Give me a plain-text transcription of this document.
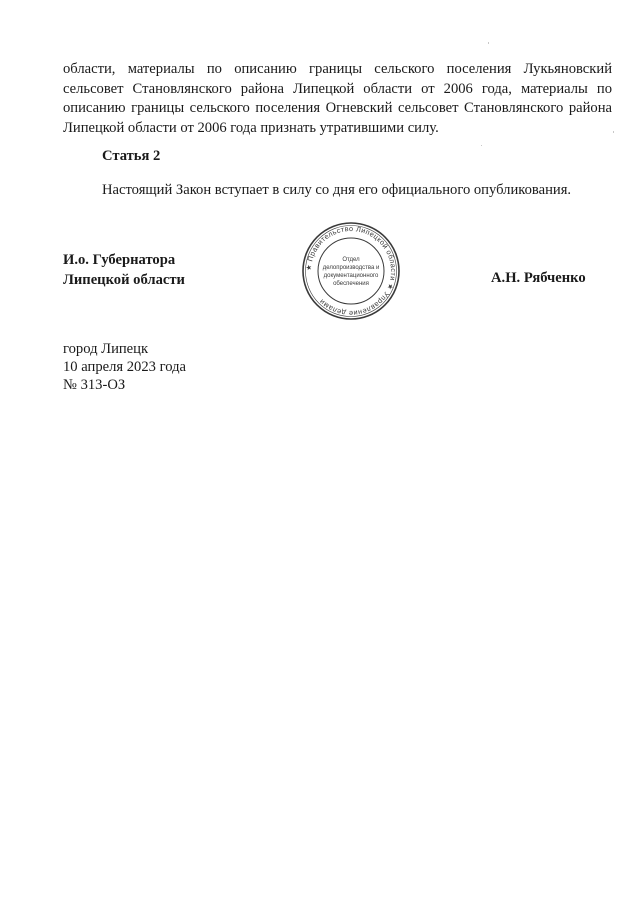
области, материалы по описанию границы сельского поселения Лукьяновский сельсовет Становлянского района Липецкой области от 2006 года, материалы по описанию границы сельского поселения Огневский сельсовет Становлянского района Липецкой области от 2006 года признать утратившими силу.
Статья 2
Настоящий Закон вступает в силу со дня его официального опубликования.
И.о. Губернатора
Липецкой области
★ Правительство Липецкой области ★ Управление делами
Отдел
делопроизводства и
документационного
обеспечения	А.Н. Рябченко
город Липецк
10 апреля 2023 года
№ 313-ОЗ
